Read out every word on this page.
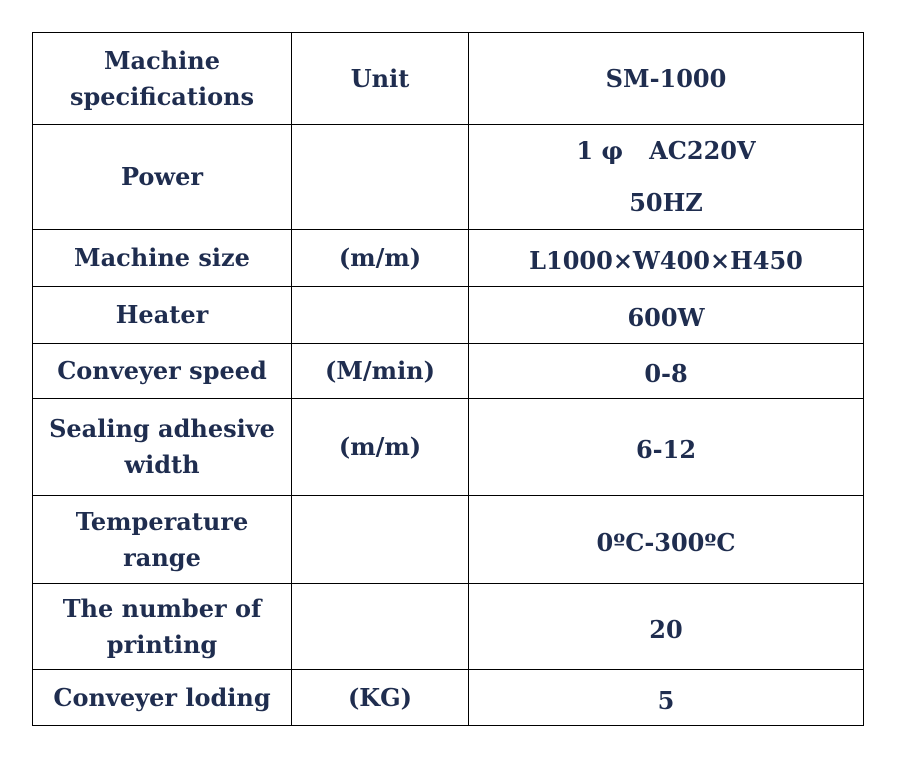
Machine specifications	Unit	SM-1000
Power		1 φ AC220V
50HZ

Machine size	(m/m)	L1000×W400×H450
Heater		600W
Conveyer speed	(M/min)	0-8
Sealing adhesive width	(m/m)	6-12
Temperature range		0ºC-300ºC
The number of printing		20
Conveyer loding	(KG)	5
